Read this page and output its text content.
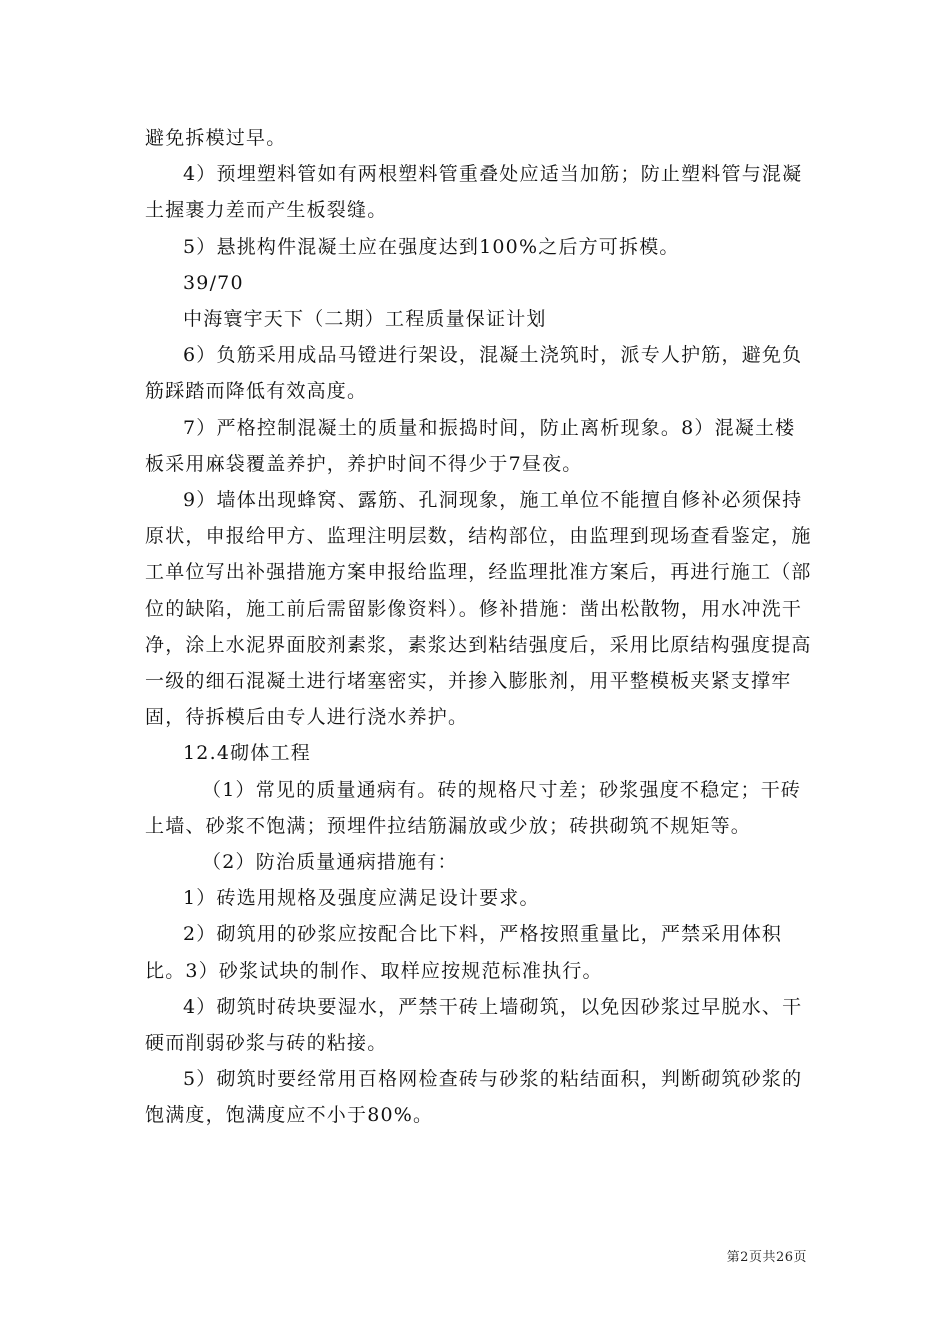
避免拆模过早。

4）预埋塑料管如有两根塑料管重叠处应适当加筋；防止塑料管与混凝土握裹力差而产生板裂缝。

5）悬挑构件混凝土应在强度达到100%之后方可拆模。

39/70

中海寰宇天下（二期）工程质量保证计划

6）负筋采用成品马镫进行架设，混凝土浇筑时，派专人护筋，避免负筋踩踏而降低有效高度。

7）严格控制混凝土的质量和振捣时间，防止离析现象。8）混凝土楼板采用麻袋覆盖养护，养护时间不得少于7昼夜。

9）墙体出现蜂窝、露筋、孔洞现象，施工单位不能擅自修补必须保持原状，申报给甲方、监理注明层数，结构部位，由监理到现场查看鉴定，施工单位写出补强措施方案申报给监理，经监理批准方案后，再进行施工（部位的缺陷，施工前后需留影像资料）。修补措施：凿出松散物，用水冲洗干净，涂上水泥界面胶剂素浆，素浆达到粘结强度后，采用比原结构强度提高一级的细石混凝土进行堵塞密实，并掺入膨胀剂，用平整模板夹紧支撑牢固，待拆模后由专人进行浇水养护。

12.4砌体工程

（1）常见的质量通病有。砖的规格尺寸差；砂浆强度不稳定；干砖上墙、砂浆不饱满；预埋件拉结筋漏放或少放；砖拱砌筑不规矩等。

（2）防治质量通病措施有：

1）砖选用规格及强度应满足设计要求。

2）砌筑用的砂浆应按配合比下料，严格按照重量比，严禁采用体积比。3）砂浆试块的制作、取样应按规范标准执行。

4）砌筑时砖块要湿水，严禁干砖上墙砌筑，以免因砂浆过早脱水、干硬而削弱砂浆与砖的粘接。

5）砌筑时要经常用百格网检查砖与砂浆的粘结面积，判断砌筑砂浆的饱满度，饱满度应不小于80%。

第2页共26页
